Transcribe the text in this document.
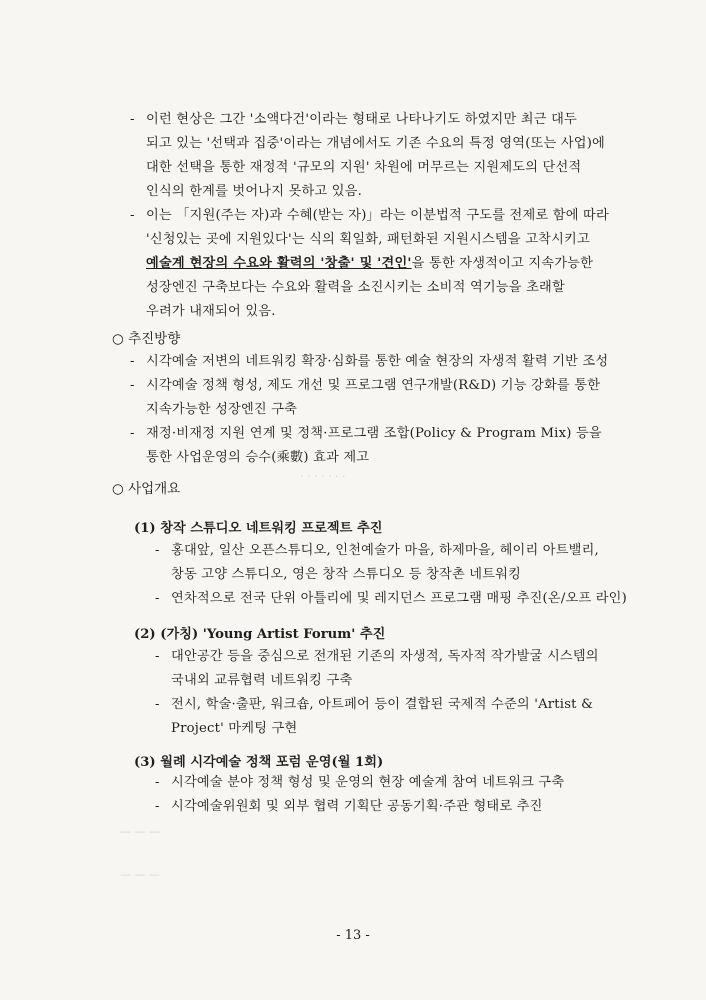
· · · · · · ·
— — —
— — —
- 이런 현상은 그간 '소액다건'이라는 형태로 나타나기도 하였지만 최근 대두
되고 있는 '선택과 집중'이라는 개념에서도 기존 수요의 특정 영역(또는 사업)에
대한 선택을 통한 재정적 '규모의 지원' 차원에 머무르는 지원제도의 단선적
인식의 한계를 벗어나지 못하고 있음.
- 이는 「지원(주는 자)과 수혜(받는 자)」라는 이분법적 구도를 전제로 함에 따라
'신청있는 곳에 지원있다'는 식의 획일화, 패턴화된 지원시스템을 고착시키고
예술계 현장의 수요와 활력의 '창출' 및 '견인'을 통한 자생적이고 지속가능한
성장엔진 구축보다는 수요와 활력을 소진시키는 소비적 역기능을 초래할
우려가 내재되어 있음.
○ 추진방향
- 시각예술 저변의 네트워킹 확장·심화를 통한 예술 현장의 자생적 활력 기반 조성
- 시각예술 정책 형성, 제도 개선 및 프로그램 연구개발(R&D) 기능 강화를 통한
지속가능한 성장엔진 구축
- 재정·비재정 지원 연계 및 정책·프로그램 조합(Policy & Program Mix) 등을
통한 사업운영의 승수(乘數) 효과 제고
○ 사업개요
(1) 창작 스튜디오 네트워킹 프로젝트 추진
- 홍대앞, 일산 오픈스튜디오, 인천예술가 마을, 하제마을, 헤이리 아트밸리,
창동 고양 스튜디오, 영은 창작 스튜디오 등 창작촌 네트워킹
- 연차적으로 전국 단위 아틀리에 및 레지던스 프로그램 매핑 추진(온/오프 라인)
(2) (가칭) 'Young Artist Forum' 추진
- 대안공간 등을 중심으로 전개된 기존의 자생적, 독자적 작가발굴 시스템의
국내외 교류협력 네트워킹 구축
- 전시, 학술·출판, 워크숍, 아트페어 등이 결합된 국제적 수준의 'Artist &
Project' 마케팅 구현
(3) 월례 시각예술 정책 포럼 운영(월 1회)
- 시각예술 분야 정책 형성 및 운영의 현장 예술계 참여 네트워크 구축
- 시각예술위원회 및 외부 협력 기획단 공동기획·주관 형태로 추진
- 13 -
